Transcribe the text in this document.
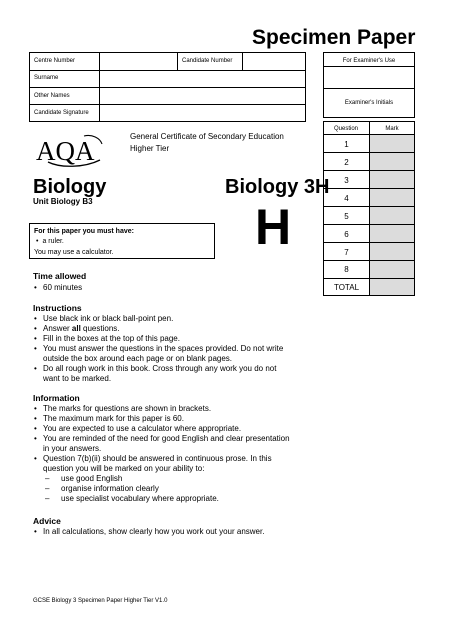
Specimen Paper
Centre Number	Candidate Number
Surname
Other Names
Candidate Signature
For Examiner's Use
Examiner's Initials
Question	Mark
1
2
3
4
5
6
7
8
TOTAL
AQA	General Certificate of Secondary Education
Higher Tier
Biology	Biology 3H
Unit Biology B3	H
For this paper you must have:
• a ruler.
You may use a calculator.
Time allowed
• 60 minutes
Instructions
• Use black ink or black ball-point pen.
• Answer all questions.
• Fill in the boxes at the top of this page.
• You must answer the questions in the spaces provided. Do not write outside the box around each page or on blank pages.
• Do all rough work in this book. Cross through any work you do not want to be marked.
Information
• The marks for questions are shown in brackets.
• The maximum mark for this paper is 60.
• You are expected to use a calculator where appropriate.
• You are reminded of the need for good English and clear presentation in your answers.
• Question 7(b)(ii) should be answered in continuous prose. In this question you will be marked on your ability to:
– use good English
– organise information clearly
– use specialist vocabulary where appropriate.
Advice
• In all calculations, show clearly how you work out your answer.
GCSE Biology 3 Specimen Paper Higher Tier V1.0
